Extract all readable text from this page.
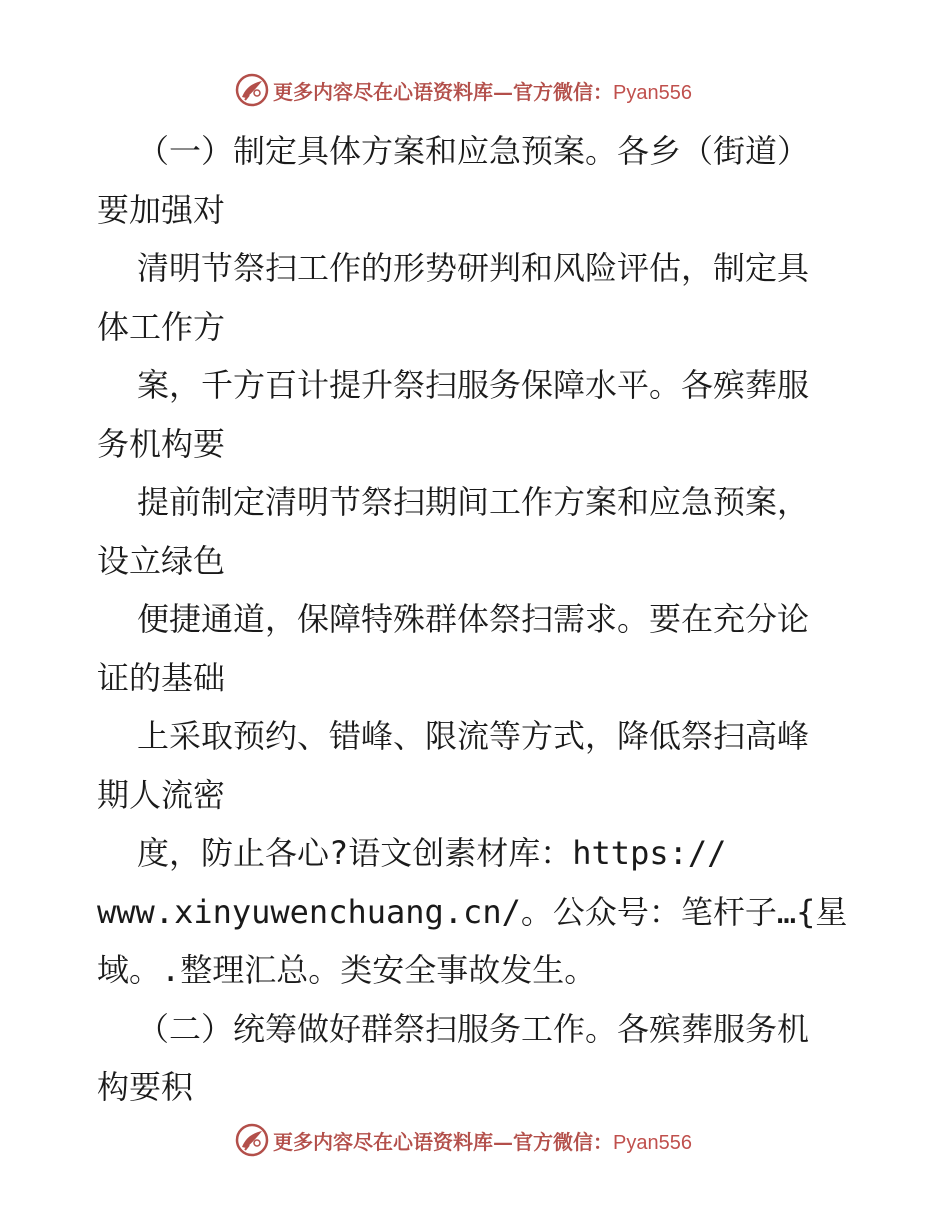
更多内容尽在心语资料库—官方微信：Pyan556
（一）制定具体方案和应急预案。各乡（街道）
要加强对
清明节祭扫工作的形势研判和风险评估，制定具
体工作方
案，千方百计提升祭扫服务保障水平。各殡葬服
务机构要
提前制定清明节祭扫期间工作方案和应急预案，
设立绿色
便捷通道，保障特殊群体祭扫需求。要在充分论
证的基础
上采取预约、错峰、限流等方式，降低祭扫高峰
期人流密
度，防止各心?语文创素材库：https://
www.xinyuwenchuang.cn/。公众号：笔杆子…{星
域。.整理汇总。类安全事故发生。
（二）统筹做好群祭扫服务工作。各殡葬服务机
构要积
更多内容尽在心语资料库—官方微信：Pyan556
